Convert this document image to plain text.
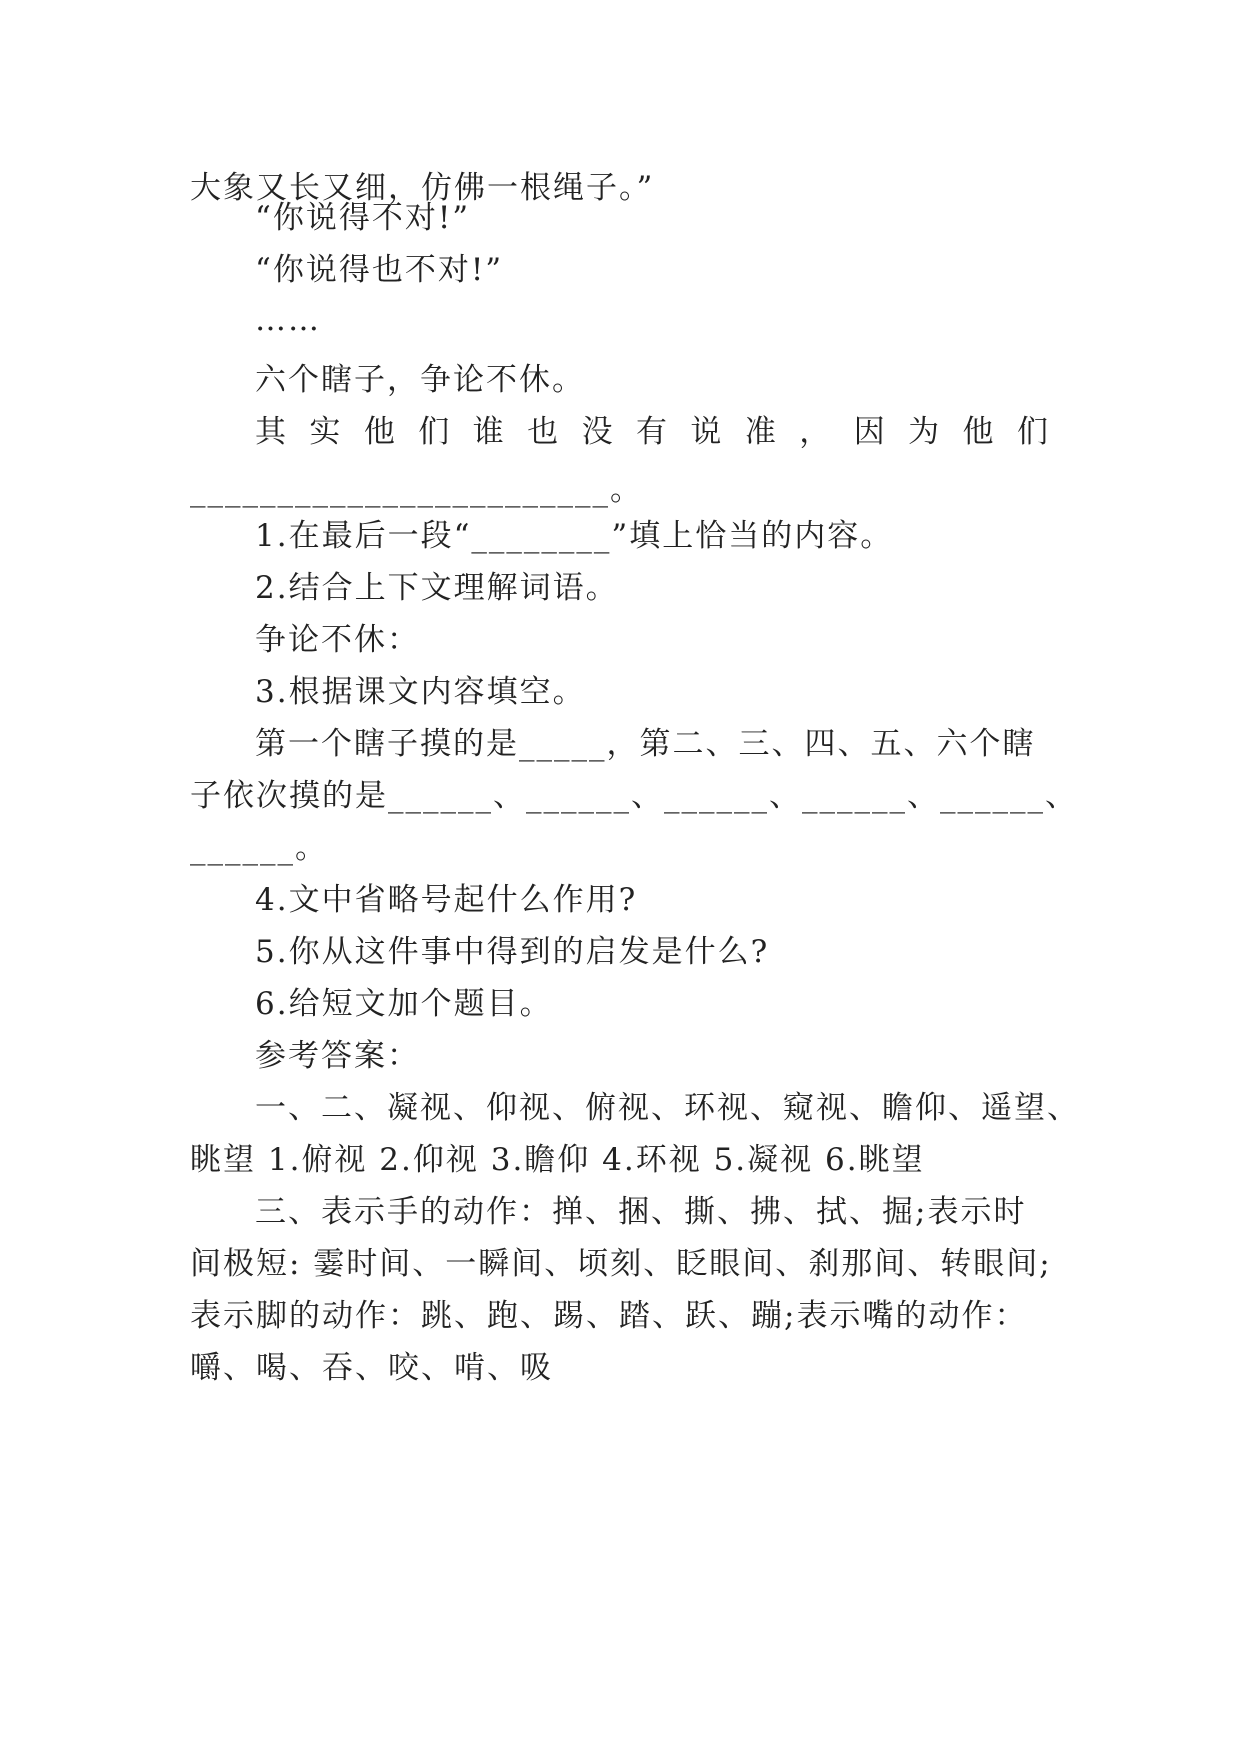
大象又长又细，仿佛一根绳子。”
“你说得不对!”
“你说得也不对!”
……
六个瞎子，争论不休。
其 实 他 们 谁 也 没 有 说 准 ， 因 为 他 们
________________________。
1.在最后一段“________”填上恰当的内容。
2.结合上下文理解词语。
争论不休：
3.根据课文内容填空。
第一个瞎子摸的是_____，第二、三、四、五、六个瞎
子依次摸的是______、______、______、______、______、
______。
4.文中省略号起什么作用?
5.你从这件事中得到的启发是什么?
6.给短文加个题目。
参考答案：
一、二、凝视、仰视、俯视、环视、窥视、瞻仰、遥望、
眺望 1.俯视 2.仰视 3.瞻仰 4.环视 5.凝视 6.眺望
三、表示手的动作：掸、捆、撕、拂、拭、掘;表示时
间极短: 霎时间、一瞬间、顷刻、眨眼间、刹那间、转眼间;
表示脚的动作：跳、跑、踢、踏、跃、蹦;表示嘴的动作：
嚼、喝、吞、咬、啃、吸
